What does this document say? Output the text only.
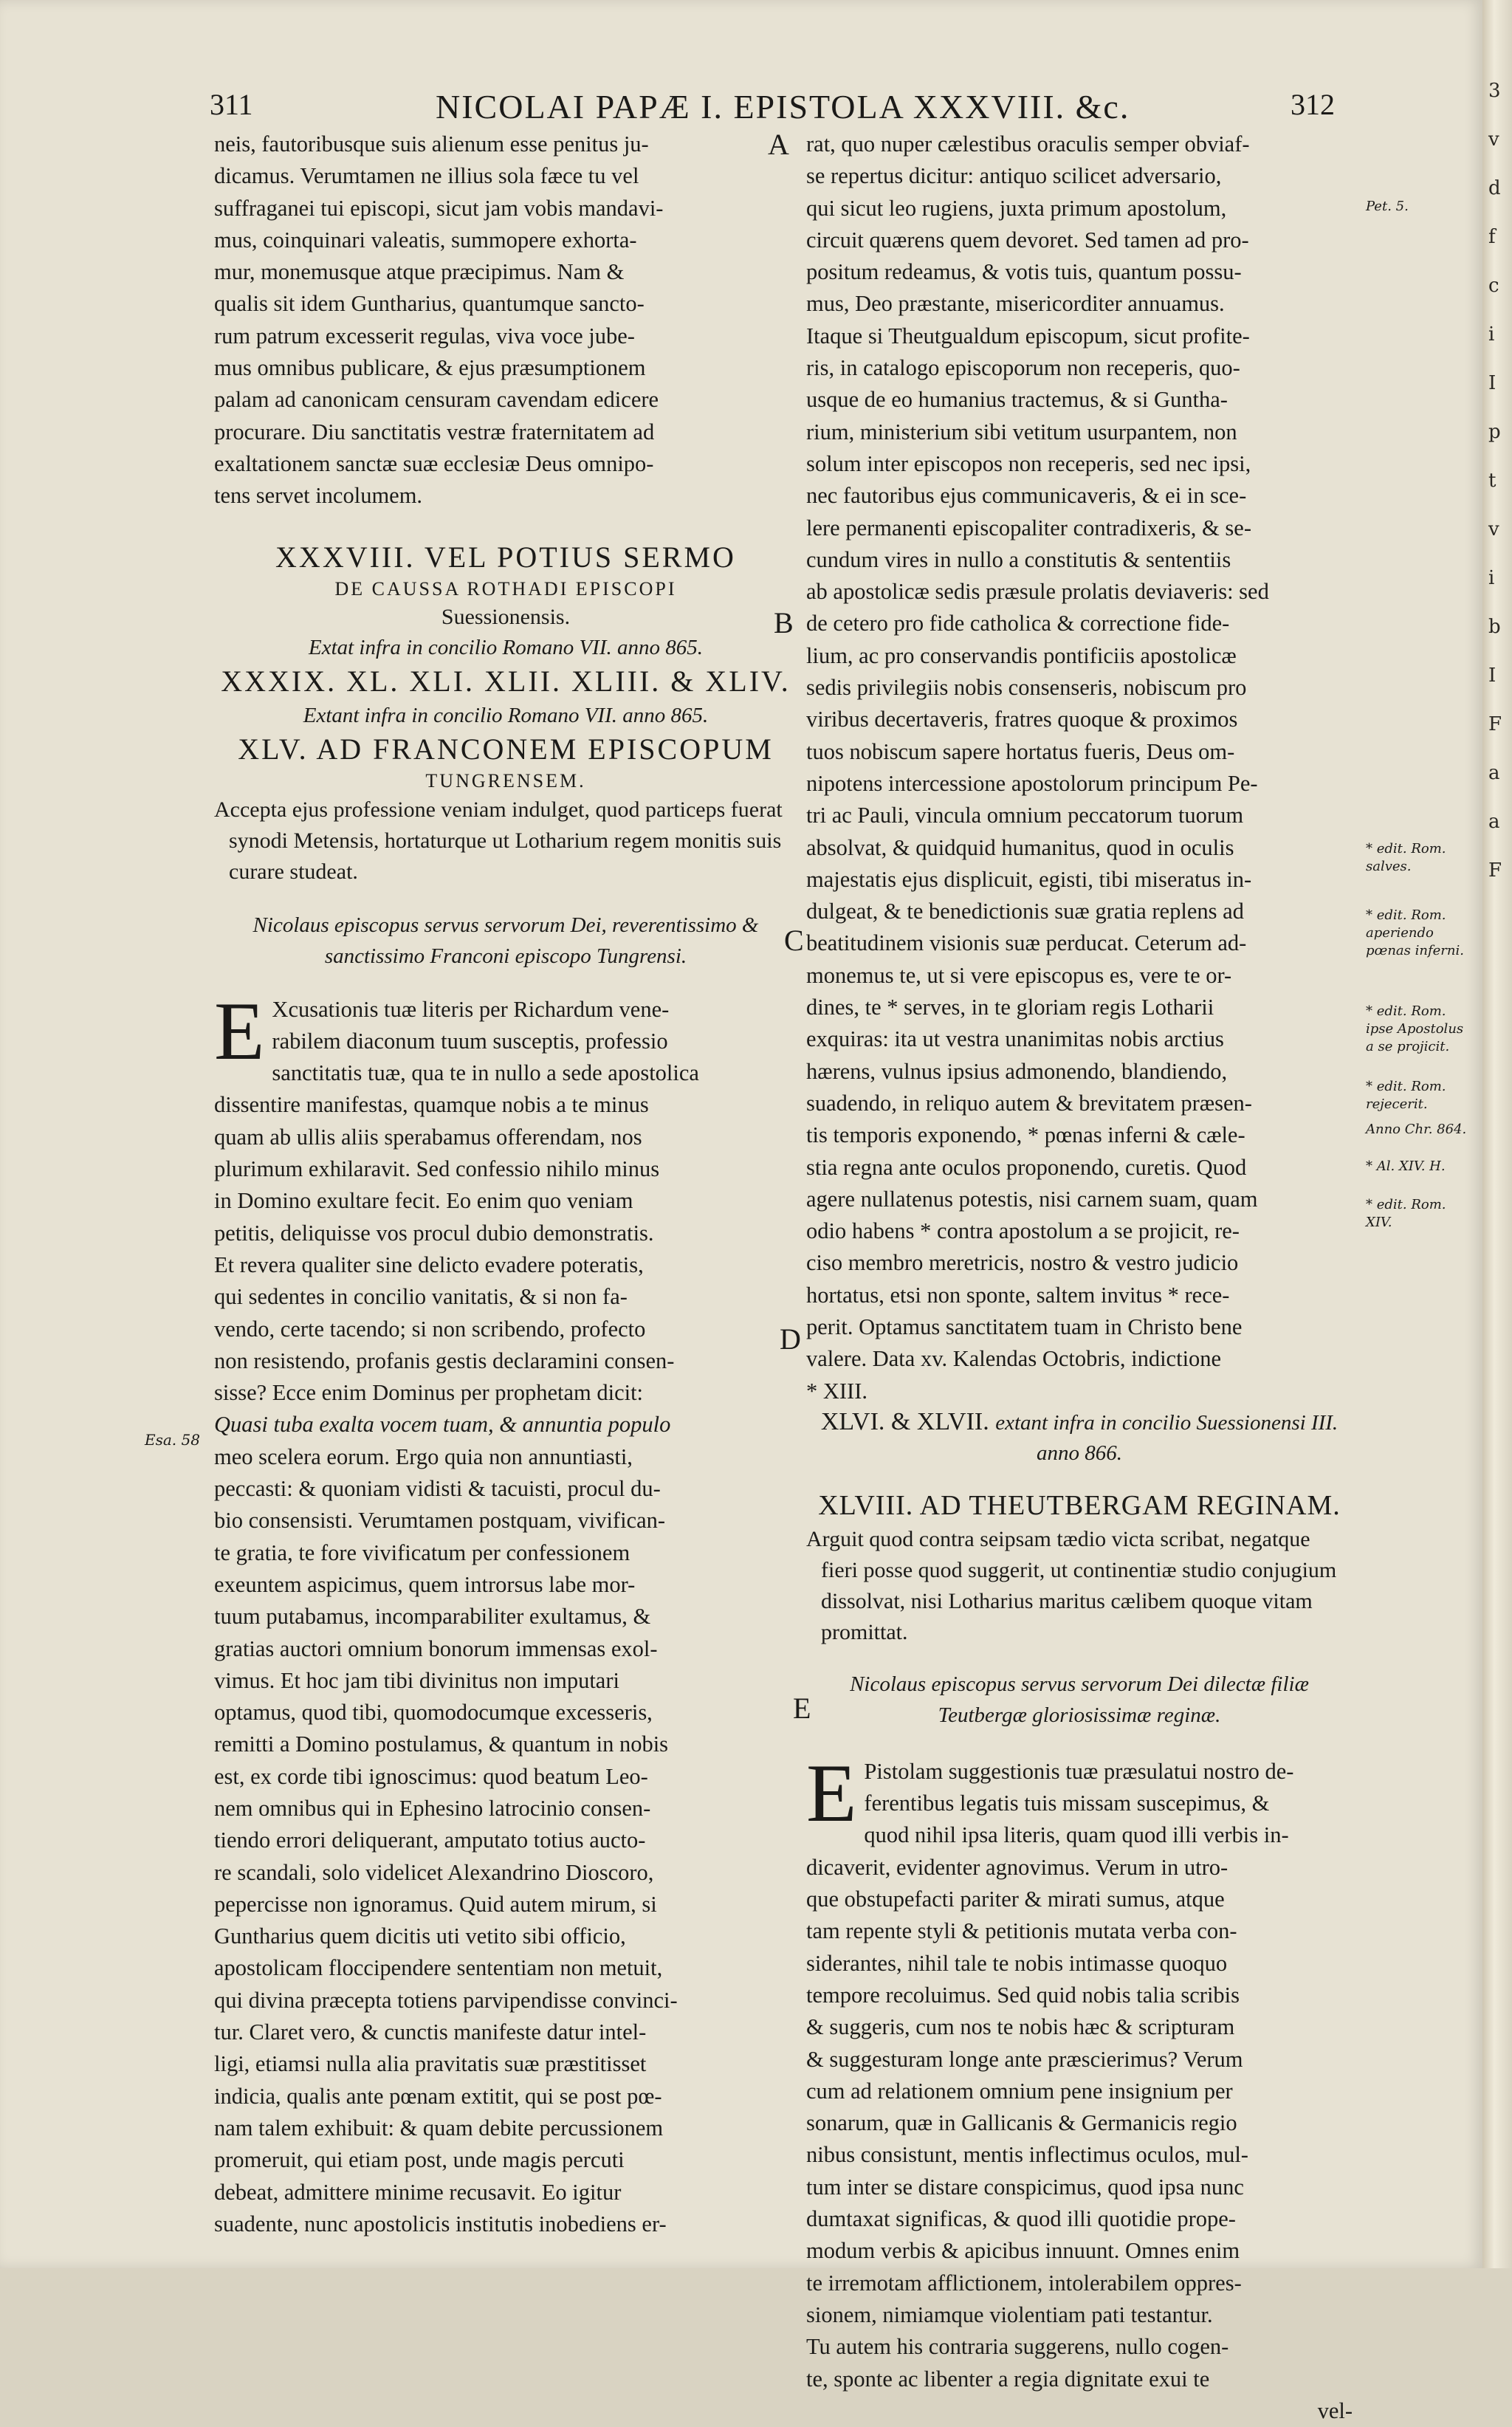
311	NICOLAI PAPÆ I. EPISTOLA XXXVIII. &c.	312

neis, fautoribusque suis alienum esse penitus ju-

dicamus. Verumtamen ne illius sola fæce tu vel

suffraganei tui episcopi, sicut jam vobis mandavi-

mus, coinquinari valeatis, summopere exhorta-

mur, monemusque atque præcipimus. Nam &

qualis sit idem Guntharius, quantumque sancto-

rum patrum excesserit regulas, viva voce jube-

mus omnibus publicare, & ejus præsumptionem

palam ad canonicam censuram cavendam edicere

procurare. Diu sanctitatis vestræ fraternitatem ad

exaltationem sanctæ suæ ecclesiæ Deus omnipo-

tens servet incolumem.

XXXVIII. VEL POTIUS SERMO

DE CAUSSA ROTHADI EPISCOPI

Suessionensis.

Extat infra in concilio Romano VII. anno 865.

XXXIX. XL. XLI. XLII. XLIII. & XLIV.

Extant infra in concilio Romano VII. anno 865.

XLV. AD FRANCONEM EPISCOPUM

TUNGRENSEM.

Accepta ejus professione veniam indulget, quod particeps fuerat synodi Metensis, hortaturque ut Lotharium regem monitis suis curare studeat.

Nicolaus episcopus servus servorum Dei, reverentissimo & sanctissimo Franconi episcopo Tungrensi.

E Xcusationis tuæ literis per Richardum vene-

rabilem diaconum tuum susceptis, professio

sanctitatis tuæ, qua te in nullo a sede apostolica

dissentire manifestas, quamque nobis a te minus

quam ab ullis aliis sperabamus offerendam, nos

plurimum exhilaravit. Sed confessio nihilo minus

in Domino exultare fecit. Eo enim quo veniam

petitis, deliquisse vos procul dubio demonstratis.

Et revera qualiter sine delicto evadere poteratis,

qui sedentes in concilio vanitatis, & si non fa-

vendo, certe tacendo; si non scribendo, profecto

non resistendo, profanis gestis declaramini consen-

sisse? Ecce enim Dominus per prophetam dicit:

Quasi tuba exalta vocem tuam, & annuntia populo

meo scelera eorum. Ergo quia non annuntiasti,

peccasti: & quoniam vidisti & tacuisti, procul du-

bio consensisti. Verumtamen postquam, vivifican-

te gratia, te fore vivificatum per confessionem

exeuntem aspicimus, quem introrsus labe mor-

tuum putabamus, incomparabiliter exultamus, &

gratias auctori omnium bonorum immensas exol-

vimus. Et hoc jam tibi divinitus non imputari

optamus, quod tibi, quomodocumque excesseris,

remitti a Domino postulamus, & quantum in nobis

est, ex corde tibi ignoscimus: quod beatum Leo-

nem omnibus qui in Ephesino latrocinio consen-

tiendo errori deliquerant, amputato totius aucto-

re scandali, solo videlicet Alexandrino Dioscoro,

pepercisse non ignoramus. Quid autem mirum, si

Guntharius quem dicitis uti vetito sibi officio,

apostolicam floccipendere sententiam non metuit,

qui divina præcepta totiens parvipendisse convinci-

tur. Claret vero, & cunctis manifeste datur intel-

ligi, etiamsi nulla alia pravitatis suæ præstitisset

indicia, qualis ante pœnam extitit, qui se post pœ-

nam talem exhibuit: & quam debite percussionem

promeruit, qui etiam post, unde magis percuti

debeat, admittere minime recusavit. Eo igitur

suadente, nunc apostolicis institutis inobediens er-

Esa. 58
A
B
C
D
E

rat, quo nuper cælestibus oraculis semper obviaf-

se repertus dicitur: antiquo scilicet adversario,

qui sicut leo rugiens, juxta primum apostolum,

circuit quærens quem devoret. Sed tamen ad pro-

positum redeamus, & votis tuis, quantum possu-

mus, Deo præstante, misericorditer annuamus.

Itaque si Theutgualdum episcopum, sicut profite-

ris, in catalogo episcoporum non receperis, quo-

usque de eo humanius tractemus, & si Guntha-

rium, ministerium sibi vetitum usurpantem, non

solum inter episcopos non receperis, sed nec ipsi,

nec fautoribus ejus communicaveris, & ei in sce-

lere permanenti episcopaliter contradixeris, & se-

cundum vires in nullo a constitutis & sententiis

ab apostolicæ sedis præsule prolatis deviaveris: sed

de cetero pro fide catholica & correctione fide-

lium, ac pro conservandis pontificiis apostolicæ

sedis privilegiis nobis consenseris, nobiscum pro

viribus decertaveris, fratres quoque & proximos

tuos nobiscum sapere hortatus fueris, Deus om-

nipotens intercessione apostolorum principum Pe-

tri ac Pauli, vincula omnium peccatorum tuorum

absolvat, & quidquid humanitus, quod in oculis

majestatis ejus displicuit, egisti, tibi miseratus in-

dulgeat, & te benedictionis suæ gratia replens ad

beatitudinem visionis suæ perducat. Ceterum ad-

monemus te, ut si vere episcopus es, vere te or-

dines, te * serves, in te gloriam regis Lotharii

exquiras: ita ut vestra unanimitas nobis arctius

hærens, vulnus ipsius admonendo, blandiendo,

suadendo, in reliquo autem & brevitatem præsen-

tis temporis exponendo, * pœnas inferni & cæle-

stia regna ante oculos proponendo, curetis. Quod

agere nullatenus potestis, nisi carnem suam, quam

odio habens * contra apostolum a se projicit, re-

ciso membro meretricis, nostro & vestro judicio

hortatus, etsi non sponte, saltem invitus * rece-

perit. Optamus sanctitatem tuam in Christo bene

valere. Data xv. Kalendas Octobris, indictione

* XIII.

XLVI. & XLVII. extant infra in concilio Suessionensi III. anno 866.

XLVIII. AD THEUTBERGAM REGINAM.

Arguit quod contra seipsam tædio victa scribat, negatque fieri posse quod suggerit, ut continentiæ studio conjugium dissolvat, nisi Lotharius maritus cælibem quoque vitam promittat.

Nicolaus episcopus servus servorum Dei dilectæ filiæ Teutbergæ gloriosissimæ reginæ.

E Pistolam suggestionis tuæ præsulatui nostro de-

ferentibus legatis tuis missam suscepimus, &

quod nihil ipsa literis, quam quod illi verbis in-

dicaverit, evidenter agnovimus. Verum in utro-

que obstupefacti pariter & mirati sumus, atque

tam repente styli & petitionis mutata verba con-

siderantes, nihil tale te nobis intimasse quoquo

tempore recoluimus. Sed quid nobis talia scribis

& suggeris, cum nos te nobis hæc & scripturam

& suggesturam longe ante præscierimus? Verum

cum ad relationem omnium pene insignium per

sonarum, quæ in Gallicanis & Germanicis regio

nibus consistunt, mentis inflectimus oculos, mul-

tum inter se distare conspicimus, quod ipsa nunc

dumtaxat significas, & quod illi quotidie prope-

modum verbis & apicibus innuunt. Omnes enim

te irremotam afflictionem, intolerabilem oppres-

sionem, nimiamque violentiam pati testantur.

Tu autem his contraria suggerens, nullo cogen-

te, sponte ac libenter a regia dignitate exui te

vel-

Pet. 5.
* edit. Rom. salves.
* edit. Rom. aperiendo pœnas inferni.
* edit. Rom. ipse Apostolus a se projicit.
* edit. Rom. rejecerit.
Anno Chr. 864.
* Al. XIV. H.
* edit. Rom. XIV.
3
v
d
f
c
i
I
p
t
v
i
b
I
F
a
a
F
